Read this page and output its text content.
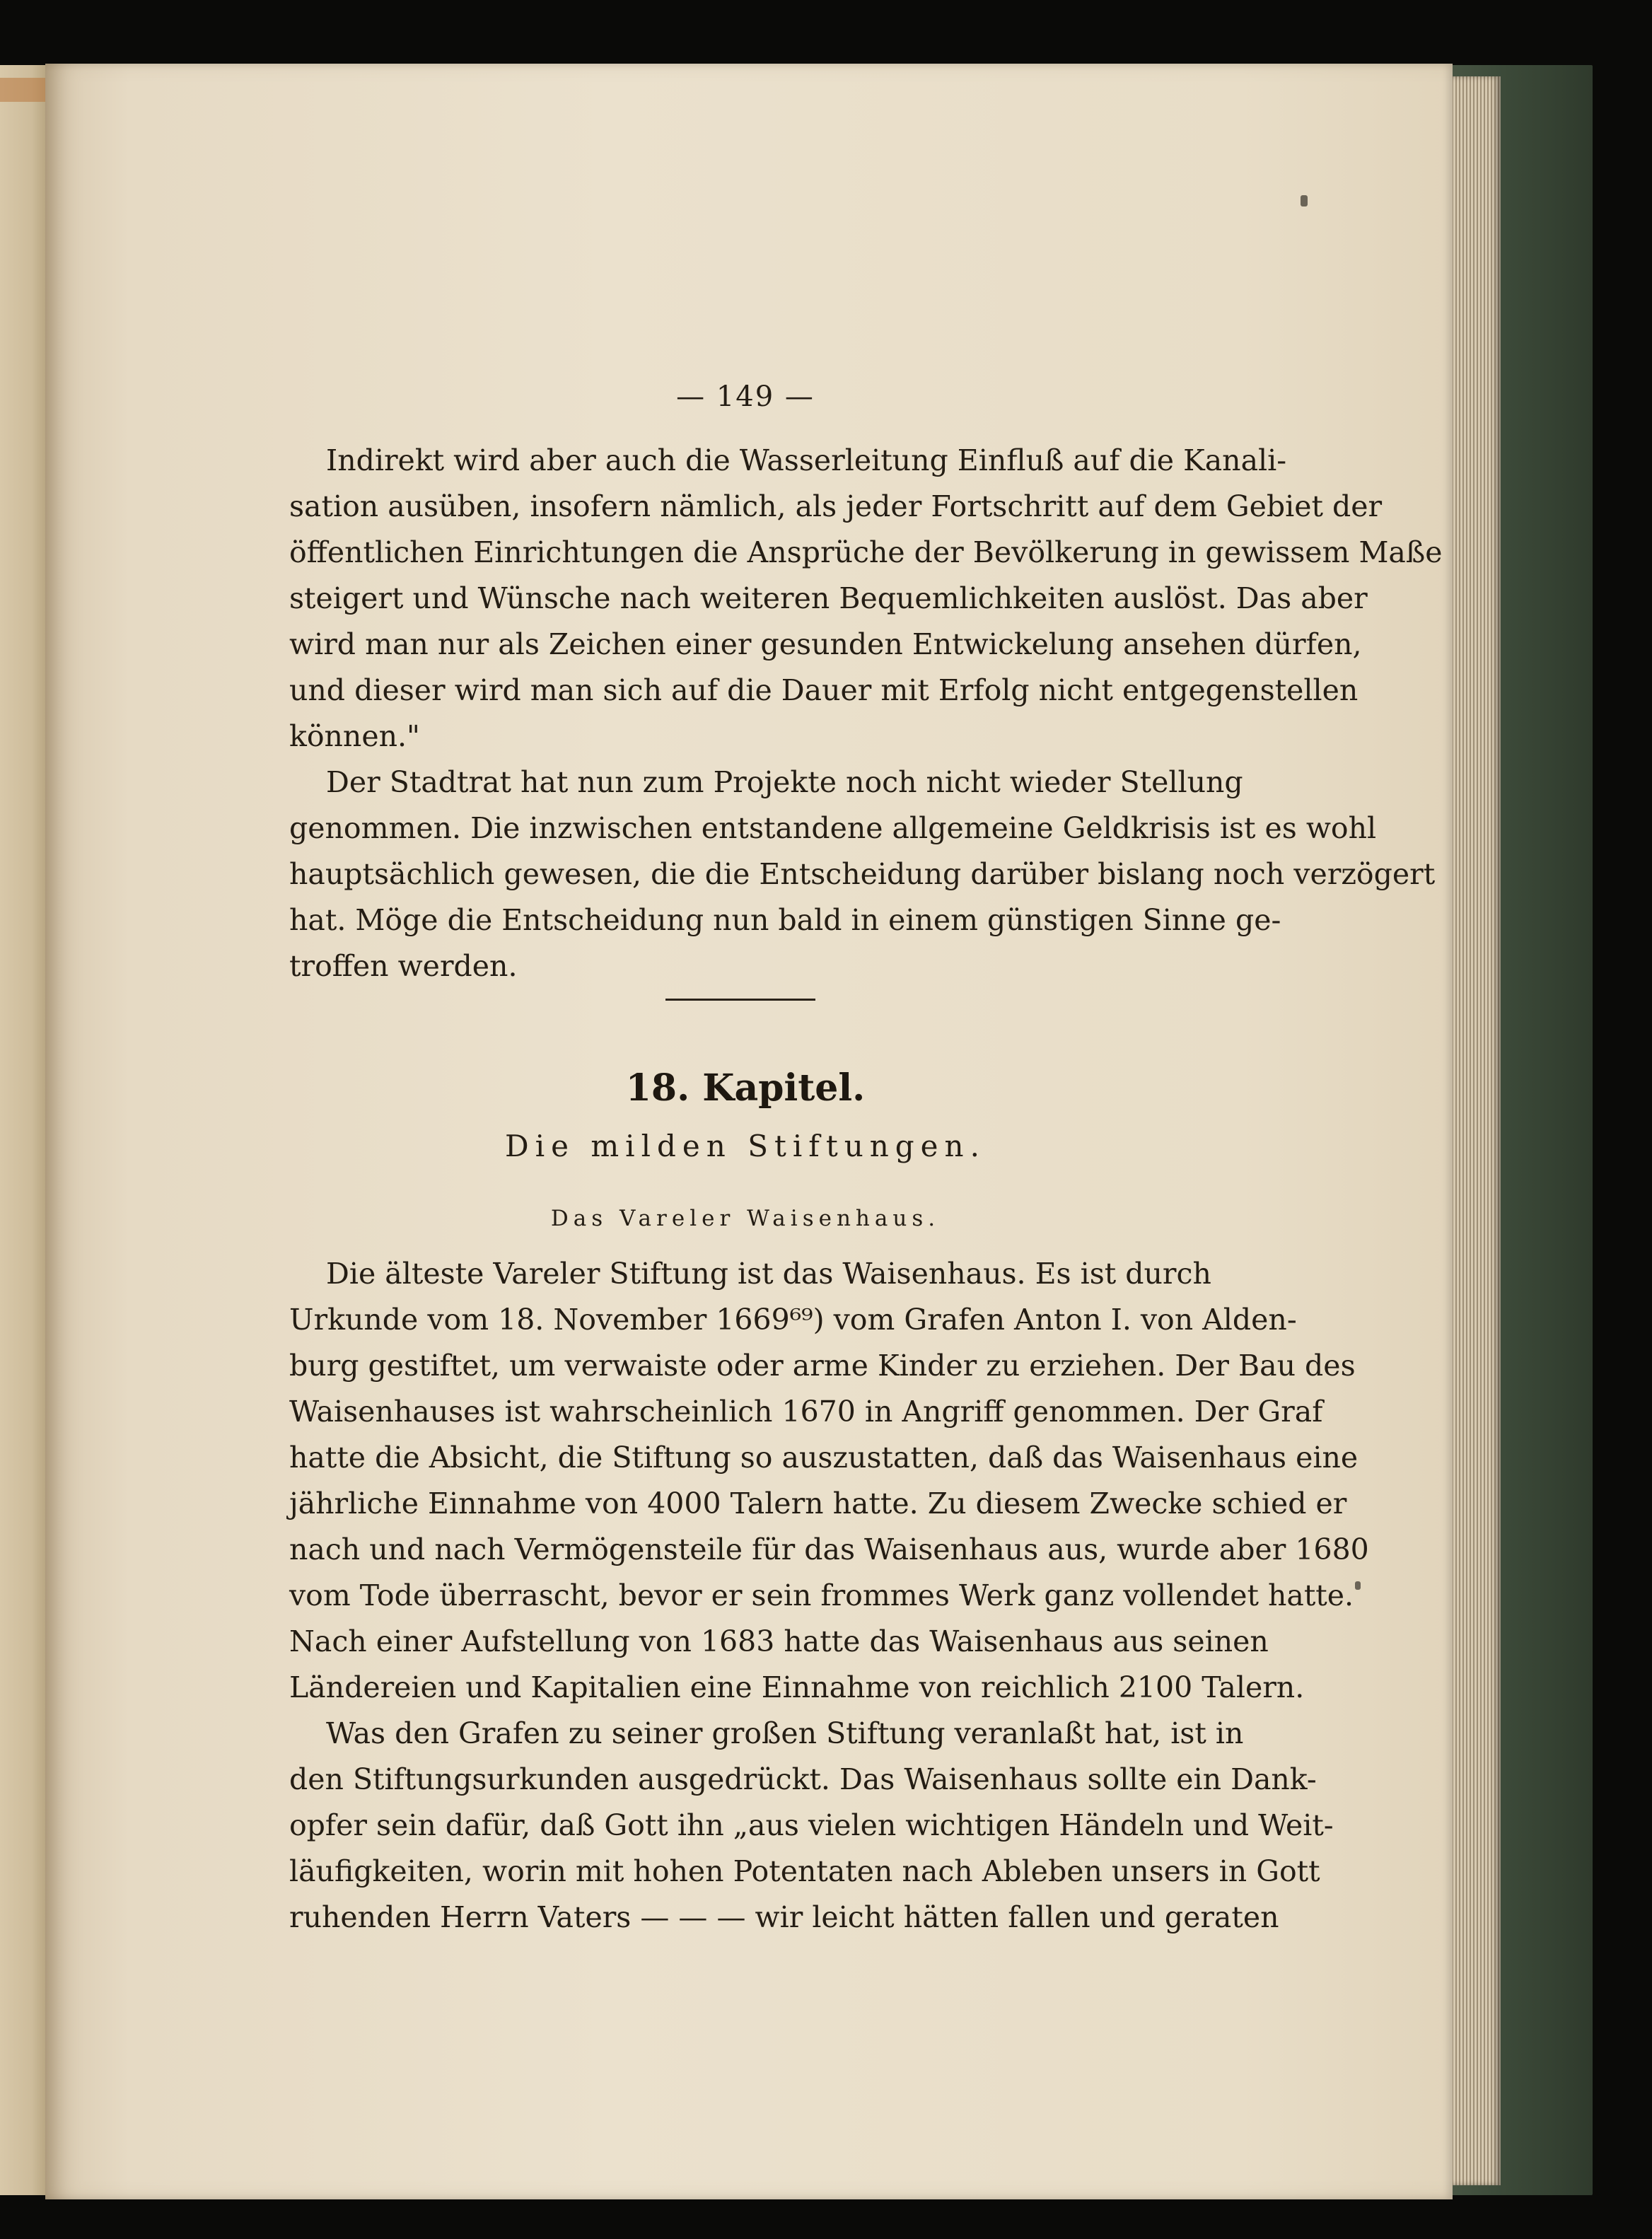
— 149 —
Indirekt wird aber auch die Wasserleitung Einfluß auf die Kanali-
sation ausüben, insofern nämlich, als jeder Fortschritt auf dem Gebiet der
öffentlichen Einrichtungen die Ansprüche der Bevölkerung in gewissem Maße
steigert und Wünsche nach weiteren Bequemlichkeiten auslöst. Das aber
wird man nur als Zeichen einer gesunden Entwickelung ansehen dürfen,
und dieser wird man sich auf die Dauer mit Erfolg nicht entgegenstellen
können."
Der Stadtrat hat nun zum Projekte noch nicht wieder Stellung
genommen. Die inzwischen entstandene allgemeine Geldkrisis ist es wohl
hauptsächlich gewesen, die die Entscheidung darüber bislang noch verzögert
hat. Möge die Entscheidung nun bald in einem günstigen Sinne ge-
troffen werden.
18. Kapitel.
Die milden Stiftungen.
Das Vareler Waisenhaus.
Die älteste Vareler Stiftung ist das Waisenhaus. Es ist durch
Urkunde vom 18. November 1669⁶⁹) vom Grafen Anton I. von Alden-
burg gestiftet, um verwaiste oder arme Kinder zu erziehen. Der Bau des
Waisenhauses ist wahrscheinlich 1670 in Angriff genommen. Der Graf
hatte die Absicht, die Stiftung so auszustatten, daß das Waisenhaus eine
jährliche Einnahme von 4000 Talern hatte. Zu diesem Zwecke schied er
nach und nach Vermögensteile für das Waisenhaus aus, wurde aber 1680
vom Tode überrascht, bevor er sein frommes Werk ganz vollendet hatte.
Nach einer Aufstellung von 1683 hatte das Waisenhaus aus seinen
Ländereien und Kapitalien eine Einnahme von reichlich 2100 Talern.
Was den Grafen zu seiner großen Stiftung veranlaßt hat, ist in
den Stiftungsurkunden ausgedrückt. Das Waisenhaus sollte ein Dank-
opfer sein dafür, daß Gott ihn „aus vielen wichtigen Händeln und Weit-
läufigkeiten, worin mit hohen Potentaten nach Ableben unsers in Gott
ruhenden Herrn Vaters — — — wir leicht hätten fallen und geraten
